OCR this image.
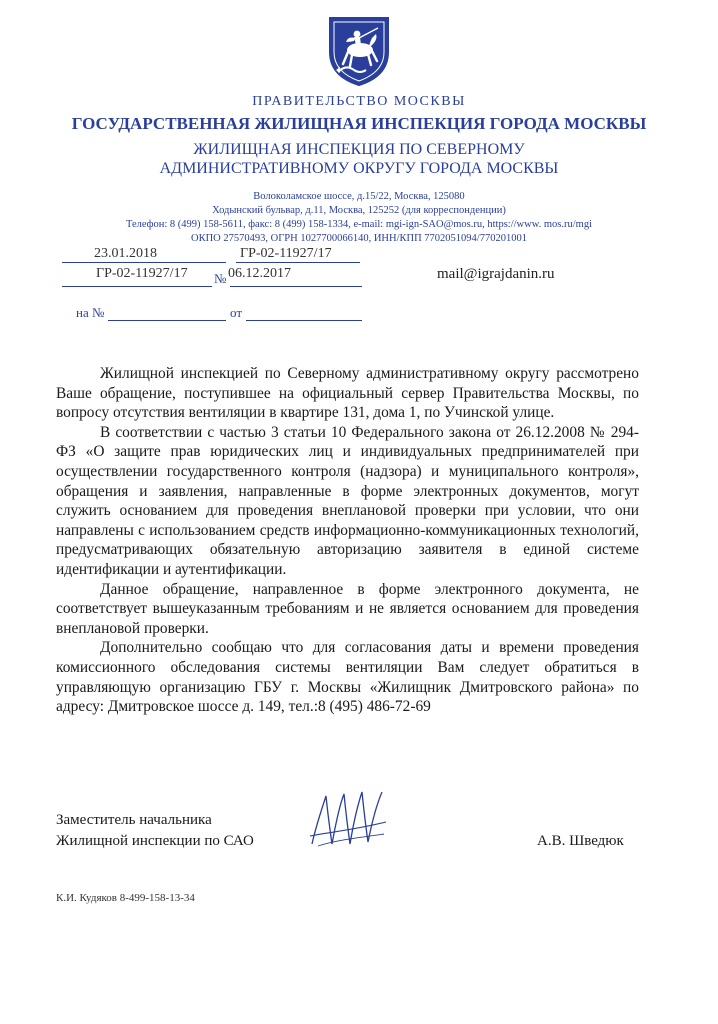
ПРАВИТЕЛЬСТВО МОСКВЫ
ГОСУДАРСТВЕННАЯ ЖИЛИЩНАЯ ИНСПЕКЦИЯ ГОРОДА МОСКВЫ
ЖИЛИЩНАЯ ИНСПЕКЦИЯ ПО СЕВЕРНОМУ
АДМИНИСТРАТИВНОМУ ОКРУГУ ГОРОДА МОСКВЫ
Волоколамское шоссе, д.15/22, Москва, 125080
Ходынский бульвар, д.11, Москва, 125252 (для корреспонденции)
Телефон: 8 (499) 158-5611, факс: 8 (499) 158-1334, e-mail: mgi-ign-SAO@mos.ru, https://www. mos.ru/mgi
ОКПО 27570493, ОГРН 1027700066140, ИНН/КПП 7702051094/770201001
23.01.2018	ГР-02-11927/17
ГР-02-11927/17 № 06.12.2017	mail@igrajdanin.ru
на №	от

Жилищной инспекцией по Северному административному округу рассмотрено Ваше обращение, поступившее на официальный сервер Правительства Москвы, по вопросу отсутствия вентиляции в квартире 131, дома 1, по Учинской улице.

В соответствии с частью 3 статьи 10 Федерального закона от 26.12.2008 № 294-ФЗ «О защите прав юридических лиц и индивидуальных предпринимателей при осуществлении государственного контроля (надзора) и муниципального контроля», обращения и заявления, направленные в форме электронных документов, могут служить основанием для проведения внеплановой проверки при условии, что они направлены с использованием средств информационно-коммуникационных технологий, предусматривающих обязательную авторизацию заявителя в единой системе идентификации и аутентификации.

Данное обращение, направленное в форме электронного документа, не соответствует вышеуказанным требованиям и не является основанием для проведения внеплановой проверки.

Дополнительно сообщаю что для согласования даты и времени проведения комиссионного обследования системы вентиляции Вам следует обратиться в управляющую организацию ГБУ г. Москвы «Жилищник Дмитровского района» по адресу: Дмитровское шоссе д. 149, тел.:8 (495) 486-72-69

Заместитель начальника
Жилищной инспекции по САО	А.В. Шведюк
К.И. Кудяков 8-499-158-13-34
